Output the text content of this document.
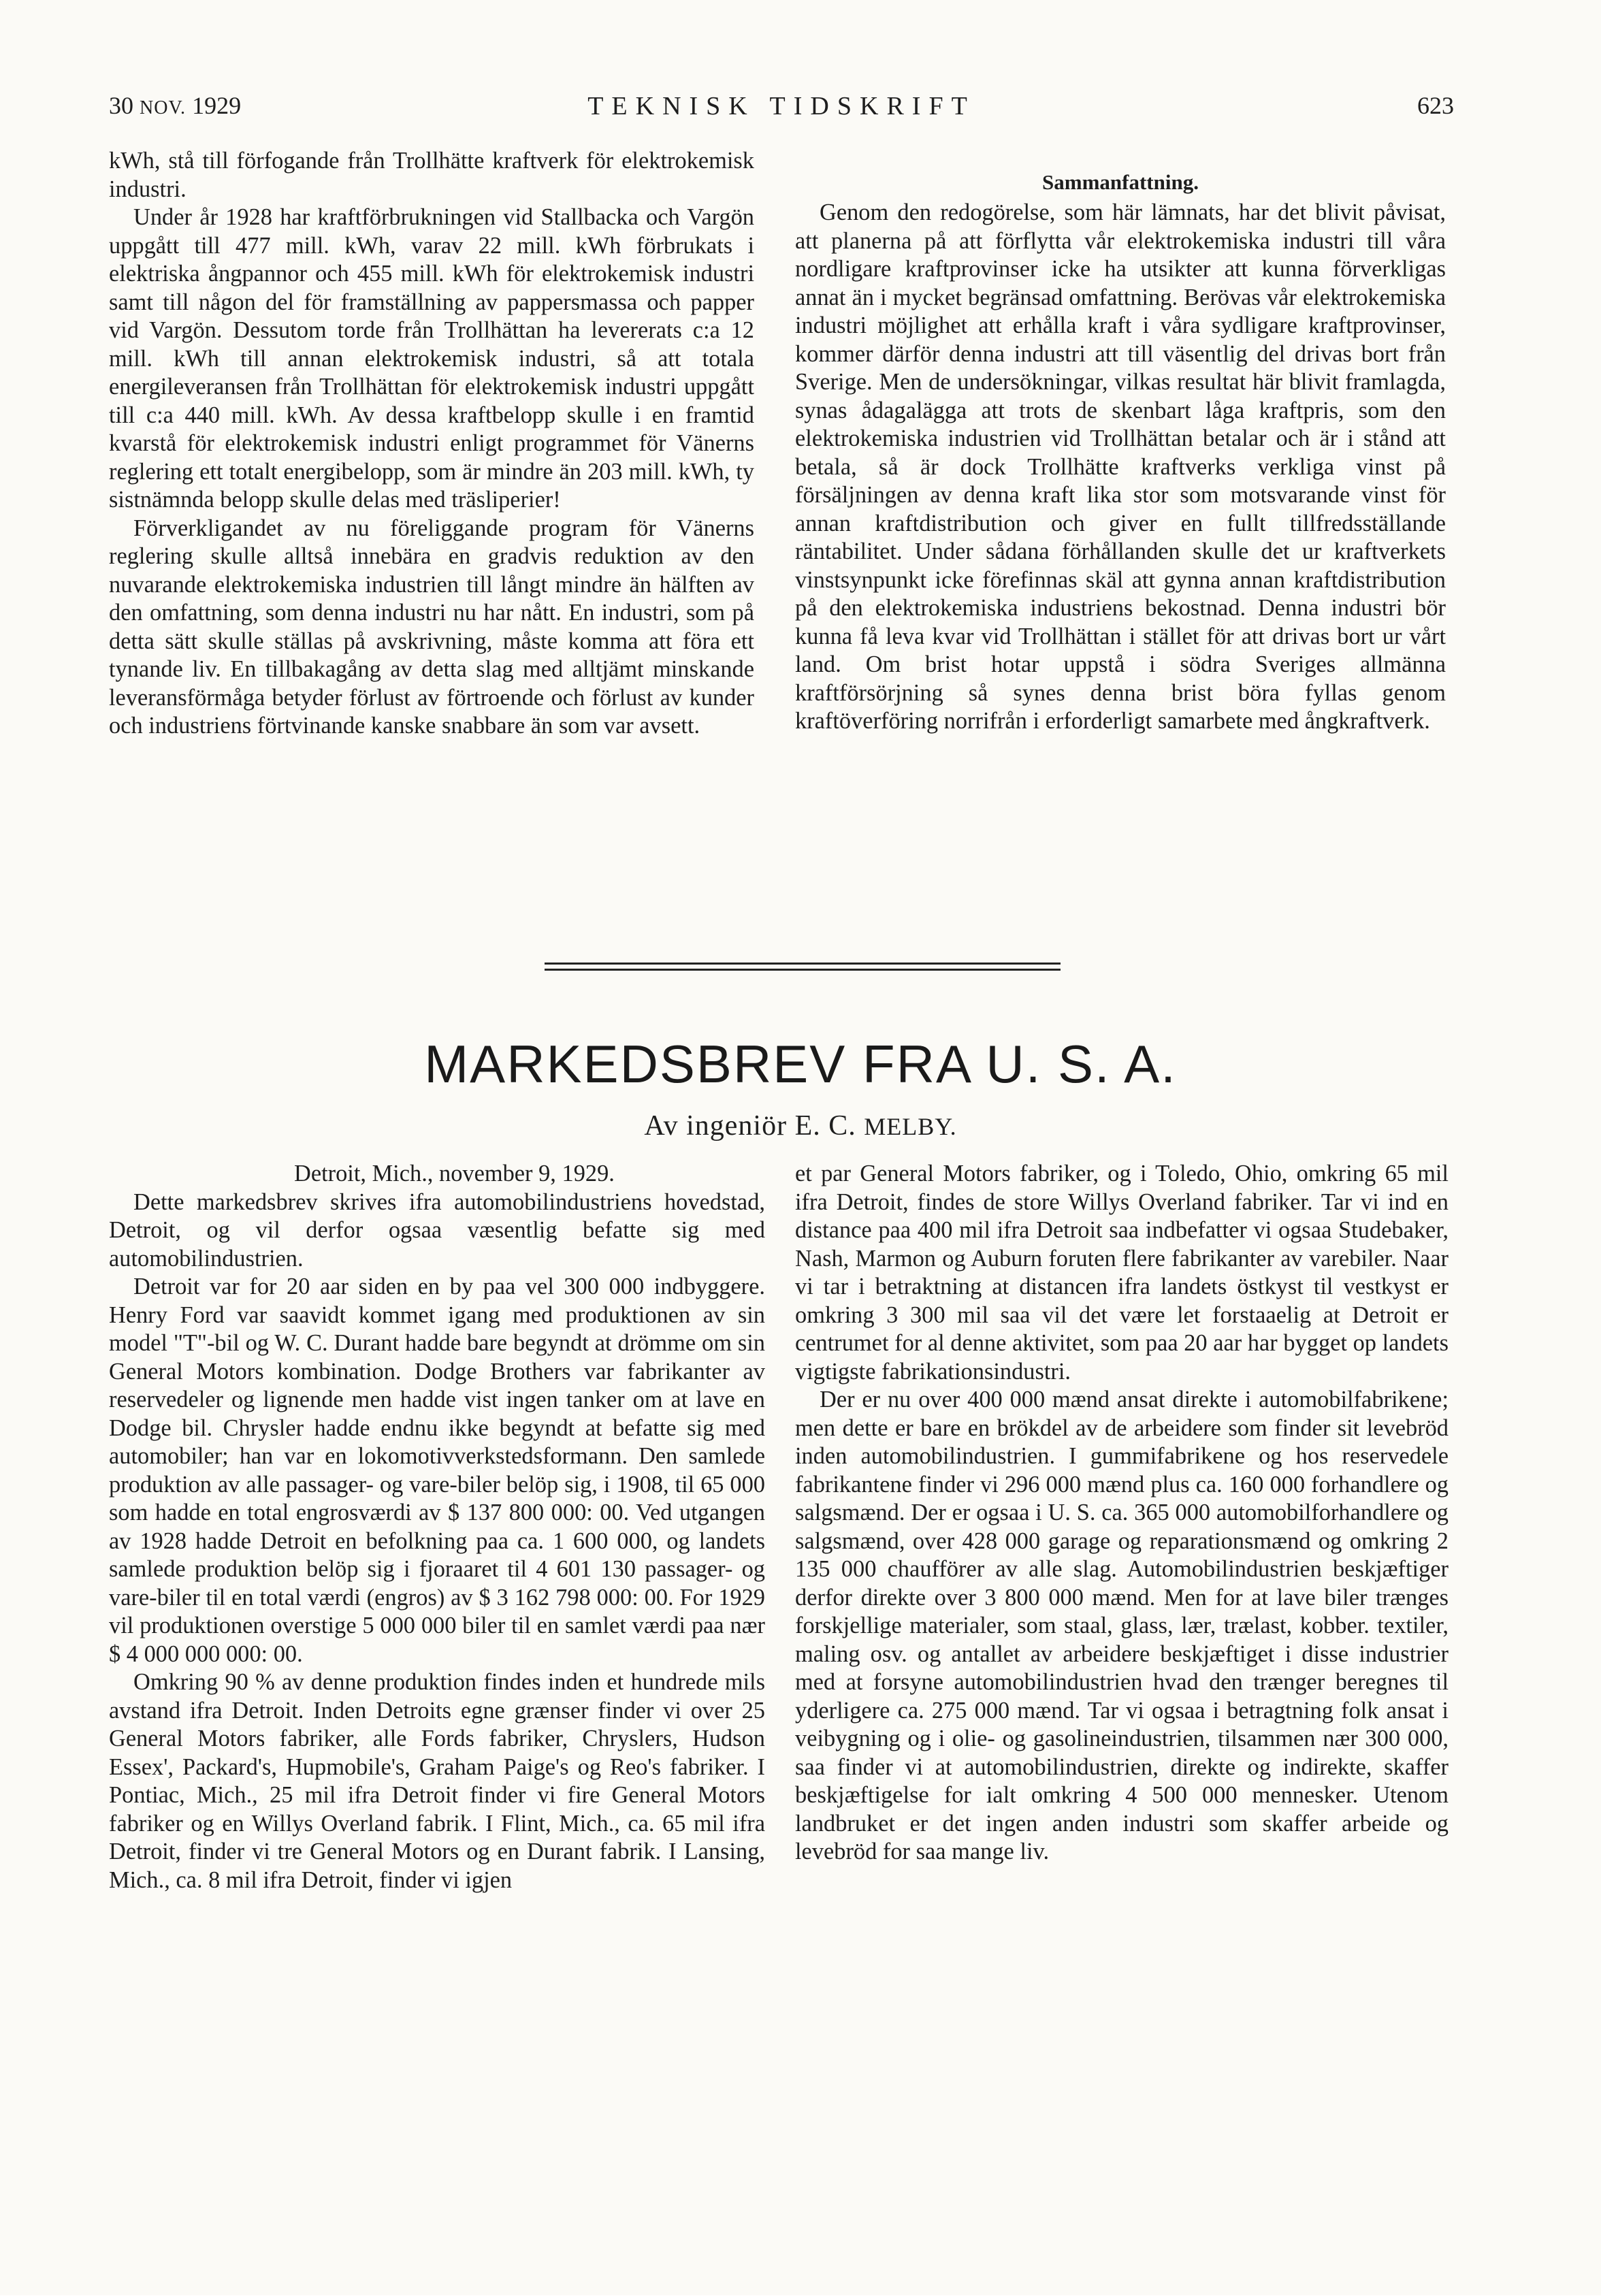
30 NOV. 1929	TEKNISK TIDSKRIFT	623
kWh, stå till förfogande från Trollhätte kraftverk för elektrokemisk industri.
Under år 1928 har kraftförbrukningen vid Stallbacka och Vargön uppgått till 477 mill. kWh, varav 22 mill. kWh förbrukats i elektriska ångpannor och 455 mill. kWh för elektrokemisk industri samt till någon del för framställning av pappersmassa och papper vid Vargön. Dessutom torde från Trollhättan ha levererats c:a 12 mill. kWh till annan elektrokemisk industri, så att totala energileveransen från Trollhättan för elektrokemisk industri uppgått till c:a 440 mill. kWh. Av dessa kraftbelopp skulle i en framtid kvarstå för elektrokemisk industri enligt programmet för Vänerns reglering ett totalt energibelopp, som är mindre än 203 mill. kWh, ty sistnämnda belopp skulle delas med träsliperier!
Förverkligandet av nu föreliggande program för Vänerns reglering skulle alltså innebära en gradvis reduktion av den nuvarande elektrokemiska industrien till långt mindre än hälften av den omfattning, som denna industri nu har nått. En industri, som på detta sätt skulle ställas på avskrivning, måste komma att föra ett tynande liv. En tillbakagång av detta slag med alltjämt minskande leveransförmåga betyder förlust av förtroende och förlust av kunder och industriens förtvinande kanske snabbare än som var avsett.
Sammanfattning.
Genom den redogörelse, som här lämnats, har det blivit påvisat, att planerna på att förflytta vår elektrokemiska industri till våra nordligare kraftprovinser icke ha utsikter att kunna förverkligas annat än i mycket begränsad omfattning. Berövas vår elektrokemiska industri möjlighet att erhålla kraft i våra sydligare kraftprovinser, kommer därför denna industri att till väsentlig del drivas bort från Sverige. Men de undersökningar, vilkas resultat här blivit framlagda, synas ådagalägga att trots de skenbart låga kraftpris, som den elektrokemiska industrien vid Trollhättan betalar och är i stånd att betala, så är dock Trollhätte kraftverks verkliga vinst på försäljningen av denna kraft lika stor som motsvarande vinst för annan kraftdistribution och giver en fullt tillfredsställande räntabilitet. Under sådana förhållanden skulle det ur kraftverkets vinstsynpunkt icke förefinnas skäl att gynna annan kraftdistribution på den elektrokemiska industriens bekostnad. Denna industri bör kunna få leva kvar vid Trollhättan i stället för att drivas bort ur vårt land. Om brist hotar uppstå i södra Sveriges allmänna kraftförsörjning så synes denna brist böra fyllas genom kraftöverföring norrifrån i erforderligt samarbete med ångkraftverk.
MARKEDSBREV FRA U. S. A.
Av ingeniör E. C. MELBY.
Detroit, Mich., november 9, 1929.
Dette markedsbrev skrives ifra automobilindustriens hovedstad, Detroit, og vil derfor ogsaa væsentlig befatte sig med automobilindustrien.
Detroit var for 20 aar siden en by paa vel 300 000 indbyggere. Henry Ford var saavidt kommet igang med produktionen av sin model "T"-bil og W. C. Durant hadde bare begyndt at drömme om sin General Motors kombination. Dodge Brothers var fabrikanter av reservedeler og lignende men hadde vist ingen tanker om at lave en Dodge bil. Chrysler hadde endnu ikke begyndt at befatte sig med automobiler; han var en lokomotivverkstedsformann. Den samlede produktion av alle passager- og vare-biler belöp sig, i 1908, til 65 000 som hadde en total engrosværdi av $ 137 800 000: 00. Ved utgangen av 1928 hadde Detroit en befolkning paa ca. 1 600 000, og landets samlede produktion belöp sig i fjoraaret til 4 601 130 passager- og vare-biler til en total værdi (engros) av $ 3 162 798 000: 00. For 1929 vil produktionen overstige 5 000 000 biler til en samlet værdi paa nær $ 4 000 000 000: 00.
Omkring 90 % av denne produktion findes inden et hundrede mils avstand ifra Detroit. Inden Detroits egne grænser finder vi over 25 General Motors fabriker, alle Fords fabriker, Chryslers, Hudson Essex', Packard's, Hupmobile's, Graham Paige's og Reo's fabriker. I Pontiac, Mich., 25 mil ifra Detroit finder vi fire General Motors fabriker og en Willys Overland fabrik. I Flint, Mich., ca. 65 mil ifra Detroit, finder vi tre General Motors og en Durant fabrik. I Lansing, Mich., ca. 8 mil ifra Detroit, finder vi igjen
et par General Motors fabriker, og i Toledo, Ohio, omkring 65 mil ifra Detroit, findes de store Willys Overland fabriker. Tar vi ind en distance paa 400 mil ifra Detroit saa indbefatter vi ogsaa Studebaker, Nash, Marmon og Auburn foruten flere fabrikanter av varebiler. Naar vi tar i betraktning at distancen ifra landets östkyst til vestkyst er omkring 3 300 mil saa vil det være let forstaaelig at Detroit er centrumet for al denne aktivitet, som paa 20 aar har bygget op landets vigtigste fabrikationsindustri.
Der er nu over 400 000 mænd ansat direkte i automobilfabrikene; men dette er bare en brökdel av de arbeidere som finder sit levebröd inden automobilindustrien. I gummifabrikene og hos reservedele fabrikantene finder vi 296 000 mænd plus ca. 160 000 forhandlere og salgsmænd. Der er ogsaa i U. S. ca. 365 000 automobilforhandlere og salgsmænd, over 428 000 garage og reparationsmænd og omkring 2 135 000 chaufförer av alle slag. Automobilindustrien beskjæftiger derfor direkte over 3 800 000 mænd. Men for at lave biler trænges forskjellige materialer, som staal, glass, lær, trælast, kobber. textiler, maling osv. og antallet av arbeidere beskjæftiget i disse industrier med at forsyne automobilindustrien hvad den trænger beregnes til yderligere ca. 275 000 mænd. Tar vi ogsaa i betragtning folk ansat i veibygning og i olie- og gasolineindustrien, tilsammen nær 300 000, saa finder vi at automobilindustrien, direkte og indirekte, skaffer beskjæftigelse for ialt omkring 4 500 000 mennesker. Utenom landbruket er det ingen anden industri som skaffer arbeide og levebröd for saa mange liv.
